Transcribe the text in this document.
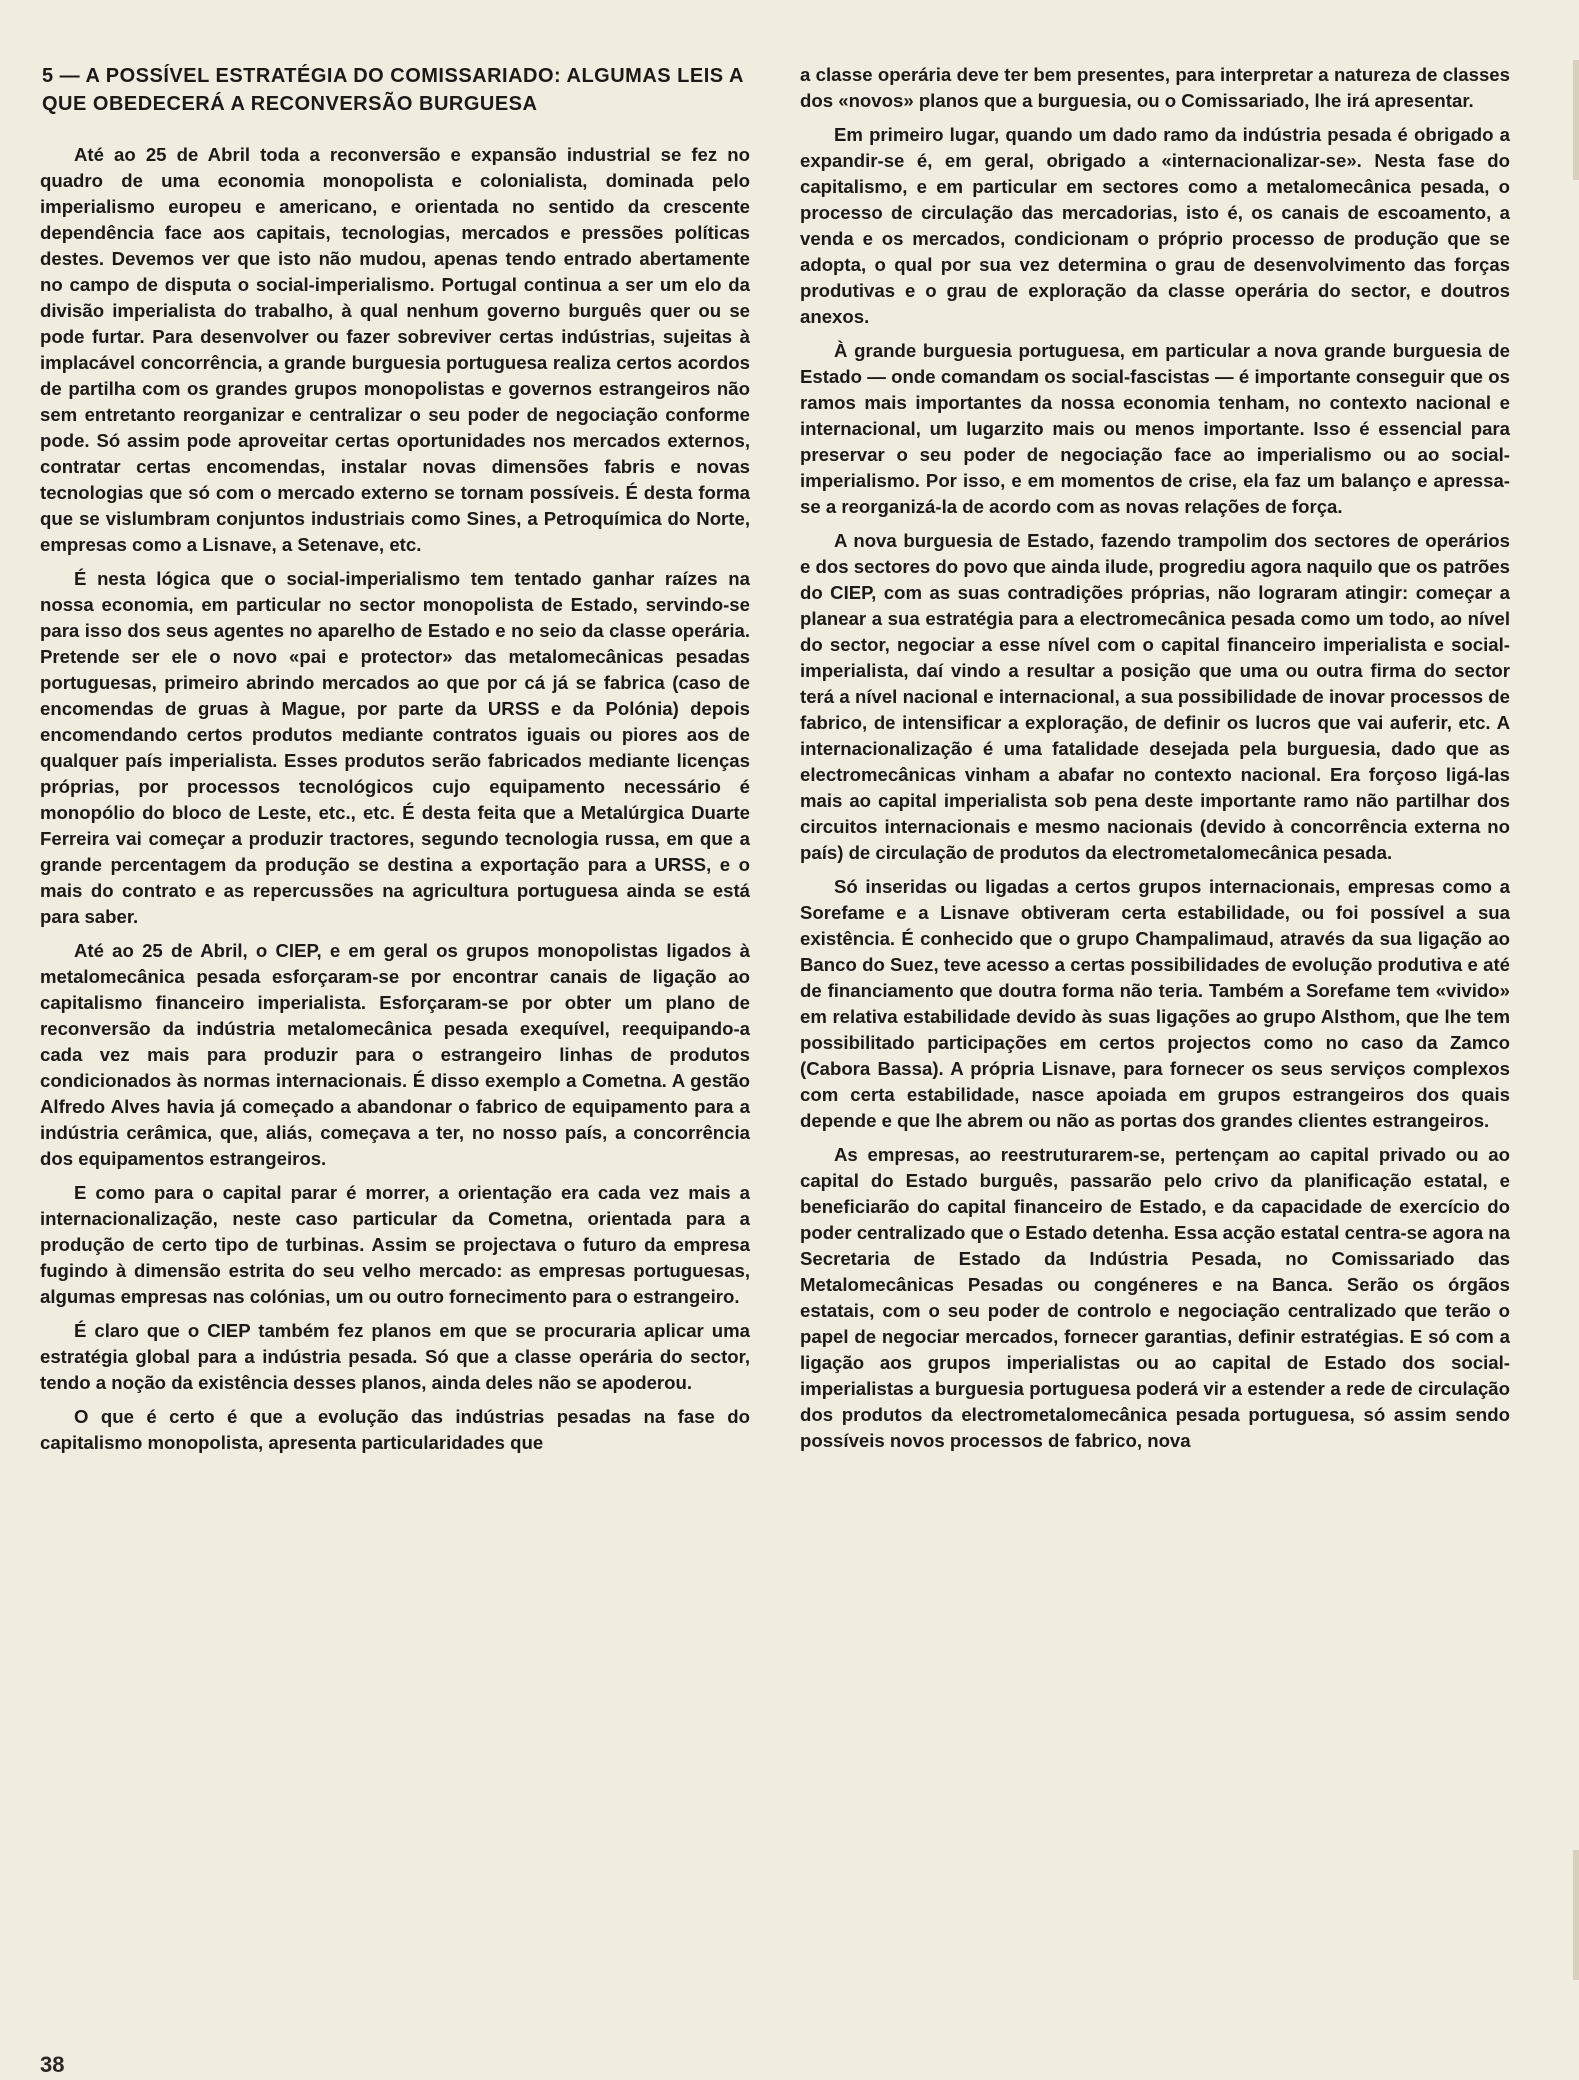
5 — A POSSÍVEL ESTRATÉGIA DO COMISSARIADO: ALGUMAS LEIS A QUE OBEDECERÁ A RECONVERSÃO BURGUESA

Até ao 25 de Abril toda a reconversão e expansão industrial se fez no quadro de uma economia monopolista e colonialista, dominada pelo imperialismo europeu e americano, e orientada no sentido da crescente dependência face aos capitais, tecnologias, mercados e pressões políticas destes. Devemos ver que isto não mudou, apenas tendo entrado abertamente no campo de disputa o social-imperialismo. Portugal continua a ser um elo da divisão imperialista do trabalho, à qual nenhum governo burguês quer ou se pode furtar. Para desenvolver ou fazer sobreviver certas indústrias, sujeitas à implacável concorrência, a grande burguesia portuguesa realiza certos acordos de partilha com os grandes grupos monopolistas e governos estrangeiros não sem entretanto reorganizar e centralizar o seu poder de negociação conforme pode. Só assim pode aproveitar certas oportunidades nos mercados externos, contratar certas encomendas, instalar novas dimensões fabris e novas tecnologias que só com o mercado externo se tornam possíveis. É desta forma que se vislumbram conjuntos industriais como Sines, a Petroquímica do Norte, empresas como a Lisnave, a Setenave, etc.

É nesta lógica que o social-imperialismo tem tentado ganhar raízes na nossa economia, em particular no sector monopolista de Estado, servindo-se para isso dos seus agentes no aparelho de Estado e no seio da classe operária. Pretende ser ele o novo «pai e protector» das metalomecânicas pesadas portuguesas, primeiro abrindo mercados ao que por cá já se fabrica (caso de encomendas de gruas à Mague, por parte da URSS e da Polónia) depois encomendando certos produtos mediante contratos iguais ou piores aos de qualquer país imperialista. Esses produtos serão fabricados mediante licenças próprias, por processos tecnológicos cujo equipamento necessário é monopólio do bloco de Leste, etc., etc. É desta feita que a Metalúrgica Duarte Ferreira vai começar a produzir tractores, segundo tecnologia russa, em que a grande percentagem da produção se destina a exportação para a URSS, e o mais do contrato e as repercussões na agricultura portuguesa ainda se está para saber.

Até ao 25 de Abril, o CIEP, e em geral os grupos monopolistas ligados à metalomecânica pesada esforçaram-se por encontrar canais de ligação ao capitalismo financeiro imperialista. Esforçaram-se por obter um plano de reconversão da indústria metalomecânica pesada exequível, reequipando-a cada vez mais para produzir para o estrangeiro linhas de produtos condicionados às normas internacionais. É disso exemplo a Cometna. A gestão Alfredo Alves havia já começado a abandonar o fabrico de equipamento para a indústria cerâmica, que, aliás, começava a ter, no nosso país, a concorrência dos equipamentos estrangeiros.

E como para o capital parar é morrer, a orientação era cada vez mais a internacionalização, neste caso particular da Cometna, orientada para a produção de certo tipo de turbinas. Assim se projectava o futuro da empresa fugindo à dimensão estrita do seu velho mercado: as empresas portuguesas, algumas empresas nas colónias, um ou outro fornecimento para o estrangeiro.

É claro que o CIEP também fez planos em que se procuraria aplicar uma estratégia global para a indústria pesada. Só que a classe operária do sector, tendo a noção da existência desses planos, ainda deles não se apoderou.

O que é certo é que a evolução das indústrias pesadas na fase do capitalismo monopolista, apresenta particularidades que

a classe operária deve ter bem presentes, para interpretar a natureza de classes dos «novos» planos que a burguesia, ou o Comissariado, lhe irá apresentar.

Em primeiro lugar, quando um dado ramo da indústria pesada é obrigado a expandir-se é, em geral, obrigado a «internacionalizar-se». Nesta fase do capitalismo, e em particular em sectores como a metalomecânica pesada, o processo de circulação das mercadorias, isto é, os canais de escoamento, a venda e os mercados, condicionam o próprio processo de produção que se adopta, o qual por sua vez determina o grau de desenvolvimento das forças produtivas e o grau de exploração da classe operária do sector, e doutros anexos.

À grande burguesia portuguesa, em particular a nova grande burguesia de Estado — onde comandam os social-fascistas — é importante conseguir que os ramos mais importantes da nossa economia tenham, no contexto nacional e internacional, um lugarzito mais ou menos importante. Isso é essencial para preservar o seu poder de negociação face ao imperialismo ou ao social-imperialismo. Por isso, e em momentos de crise, ela faz um balanço e apressa-se a reorganizá-la de acordo com as novas relações de força.

A nova burguesia de Estado, fazendo trampolim dos sectores de operários e dos sectores do povo que ainda ilude, progrediu agora naquilo que os patrões do CIEP, com as suas contradições próprias, não lograram atingir: começar a planear a sua estratégia para a electromecânica pesada como um todo, ao nível do sector, negociar a esse nível com o capital financeiro imperialista e social-imperialista, daí vindo a resultar a posição que uma ou outra firma do sector terá a nível nacional e internacional, a sua possibilidade de inovar processos de fabrico, de intensificar a exploração, de definir os lucros que vai auferir, etc. A internacionalização é uma fatalidade desejada pela burguesia, dado que as electromecânicas vinham a abafar no contexto nacional. Era forçoso ligá-las mais ao capital imperialista sob pena deste importante ramo não partilhar dos circuitos internacionais e mesmo nacionais (devido à concorrência externa no país) de circulação de produtos da electrometalomecânica pesada.

Só inseridas ou ligadas a certos grupos internacionais, empresas como a Sorefame e a Lisnave obtiveram certa estabilidade, ou foi possível a sua existência. É conhecido que o grupo Champalimaud, através da sua ligação ao Banco do Suez, teve acesso a certas possibilidades de evolução produtiva e até de financiamento que doutra forma não teria. Também a Sorefame tem «vivido» em relativa estabilidade devido às suas ligações ao grupo Alsthom, que lhe tem possibilitado participações em certos projectos como no caso da Zamco (Cabora Bassa). A própria Lisnave, para fornecer os seus serviços complexos com certa estabilidade, nasce apoiada em grupos estrangeiros dos quais depende e que lhe abrem ou não as portas dos grandes clientes estrangeiros.

As empresas, ao reestruturarem-se, pertençam ao capital privado ou ao capital do Estado burguês, passarão pelo crivo da planificação estatal, e beneficiarão do capital financeiro de Estado, e da capacidade de exercício do poder centralizado que o Estado detenha. Essa acção estatal centra-se agora na Secretaria de Estado da Indústria Pesada, no Comissariado das Metalomecânicas Pesadas ou congéneres e na Banca. Serão os órgãos estatais, com o seu poder de controlo e negociação centralizado que terão o papel de negociar mercados, fornecer garantias, definir estratégias. E só com a ligação aos grupos imperialistas ou ao capital de Estado dos social-imperialistas a burguesia portuguesa poderá vir a estender a rede de circulação dos produtos da electrometalomecânica pesada portuguesa, só assim sendo possíveis novos processos de fabrico, nova

38
